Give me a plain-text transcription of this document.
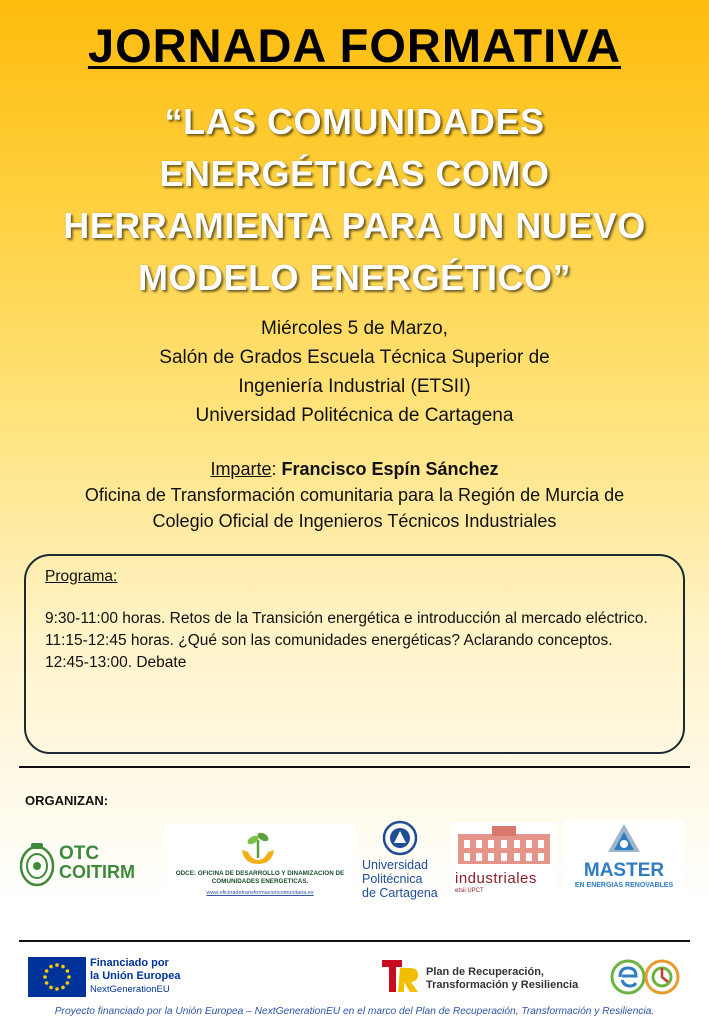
JORNADA FORMATIVA
“LAS COMUNIDADES
ENERGÉTICAS COMO
HERRAMIENTA PARA UN NUEVO
MODELO ENERGÉTICO”
Miércoles 5 de Marzo,
Salón de Grados Escuela Técnica Superior de
Ingeniería Industrial (ETSII)
Universidad Politécnica de Cartagena
Imparte: Francisco Espín Sánchez
Oficina de Transformación comunitaria para la Región de Murcia de
Colegio Oficial de Ingenieros Técnicos Industriales
Programa:
9:30-11:00 horas. Retos de la Transición energética e introducción al mercado eléctrico.
11:15-12:45 horas. ¿Qué son las comunidades energéticas? Aclarando conceptos.
12:45-13:00. Debate
ORGANIZAN:
OTC
COITIRM	ODCE: OFICINA DE DESARROLLO Y DINAMIZACION DE
COMUNIDADES ENERGETICAS.
www.oficinadetransformacioncomunitaria.es
Universidad
Politécnica
de Cartagena
industriales
etsii UPCT
MASTER
EN ENERGIAS RENOVABLES
Financiado por
la Unión Europea
NextGenerationEU
Plan de Recuperación,
Transformación y Resiliencia
Proyecto financiado por la Unión Europea – NextGenerationEU en el marco del Plan de Recuperación, Transformación y Resiliencia.
